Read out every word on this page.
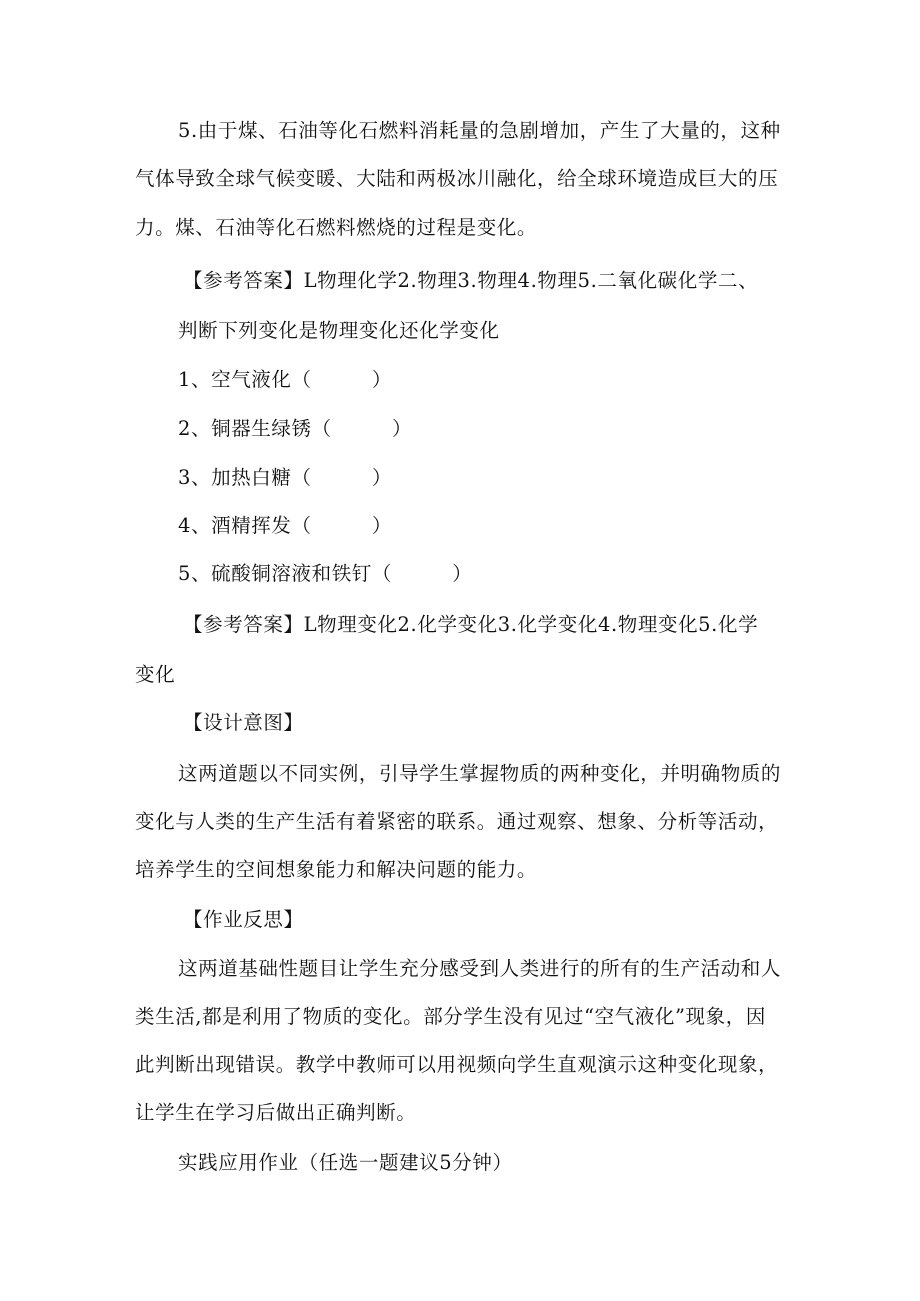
5.由于煤、石油等化石燃料消耗量的急剧增加，产生了大量的，这种
气体导致全球气候变暖、大陆和两极冰川融化，给全球环境造成巨大的压
力。煤、石油等化石燃料燃烧的过程是变化。
【参考答案】L物理化学2.物理3.物理4.物理5.二氧化碳化学二、
判断下列变化是物理变化还化学变化
1、空气液化（　　　）
2、铜器生绿锈（　　　）
3、加热白糖（　　　）
4、酒精挥发（　　　）
5、硫酸铜溶液和铁钉（　　　）
【参考答案】L物理变化2.化学变化3.化学变化4.物理变化5.化学
变化
【设计意图】
这两道题以不同实例，引导学生掌握物质的两种变化，并明确物质的
变化与人类的生产生活有着紧密的联系。通过观察、想象、分析等活动，
培养学生的空间想象能力和解决问题的能力。
【作业反思】
这两道基础性题目让学生充分感受到人类进行的所有的生产活动和人
类生活,都是利用了物质的变化。部分学生没有见过“空气液化”现象，因
此判断出现错误。教学中教师可以用视频向学生直观演示这种变化现象，
让学生在学习后做出正确判断。
实践应用作业（任选一题建议5分钟）
